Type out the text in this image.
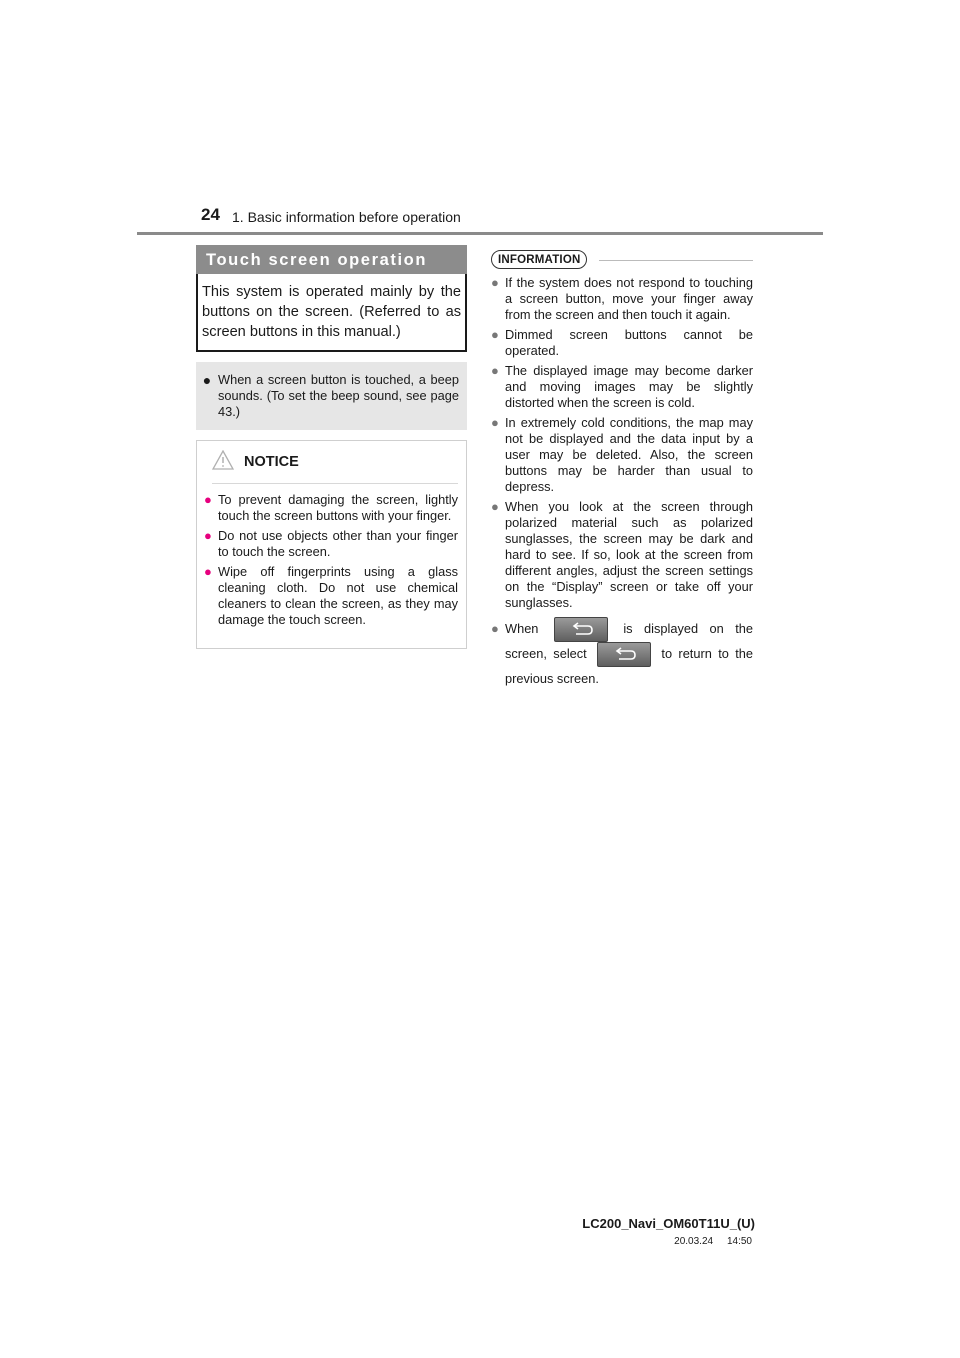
24 1. Basic information before operation
Touch screen operation
This system is operated mainly by the buttons on the screen. (Referred to as screen buttons in this manual.)
● When a screen button is touched, a beep sounds. (To set the beep sound, see page 43.)
NOTICE
● To prevent damaging the screen, lightly touch the screen buttons with your finger.
● Do not use objects other than your finger to touch the screen.
● Wipe off fingerprints using a glass cleaning cloth. Do not use chemical cleaners to clean the screen, as they may damage the touch screen.
INFORMATION
● If the system does not respond to touching a screen button, move your finger away from the screen and then touch it again.
● Dimmed screen buttons cannot be operated.
● The displayed image may become darker and moving images may be slightly distorted when the screen is cold.
● In extremely cold conditions, the map may not be displayed and the data input by a user may be deleted. Also, the screen buttons may be harder than usual to depress.
● When you look at the screen through polarized material such as polarized sunglasses, the screen may be dark and hard to see. If so, look at the screen from different angles, adjust the screen settings on the “Display” screen or take off your sunglasses.
● When	is displayed on the screen, select	to return to the previous screen.
LC200_Navi_OM60T11U_(U)
20.03.24     14:50
